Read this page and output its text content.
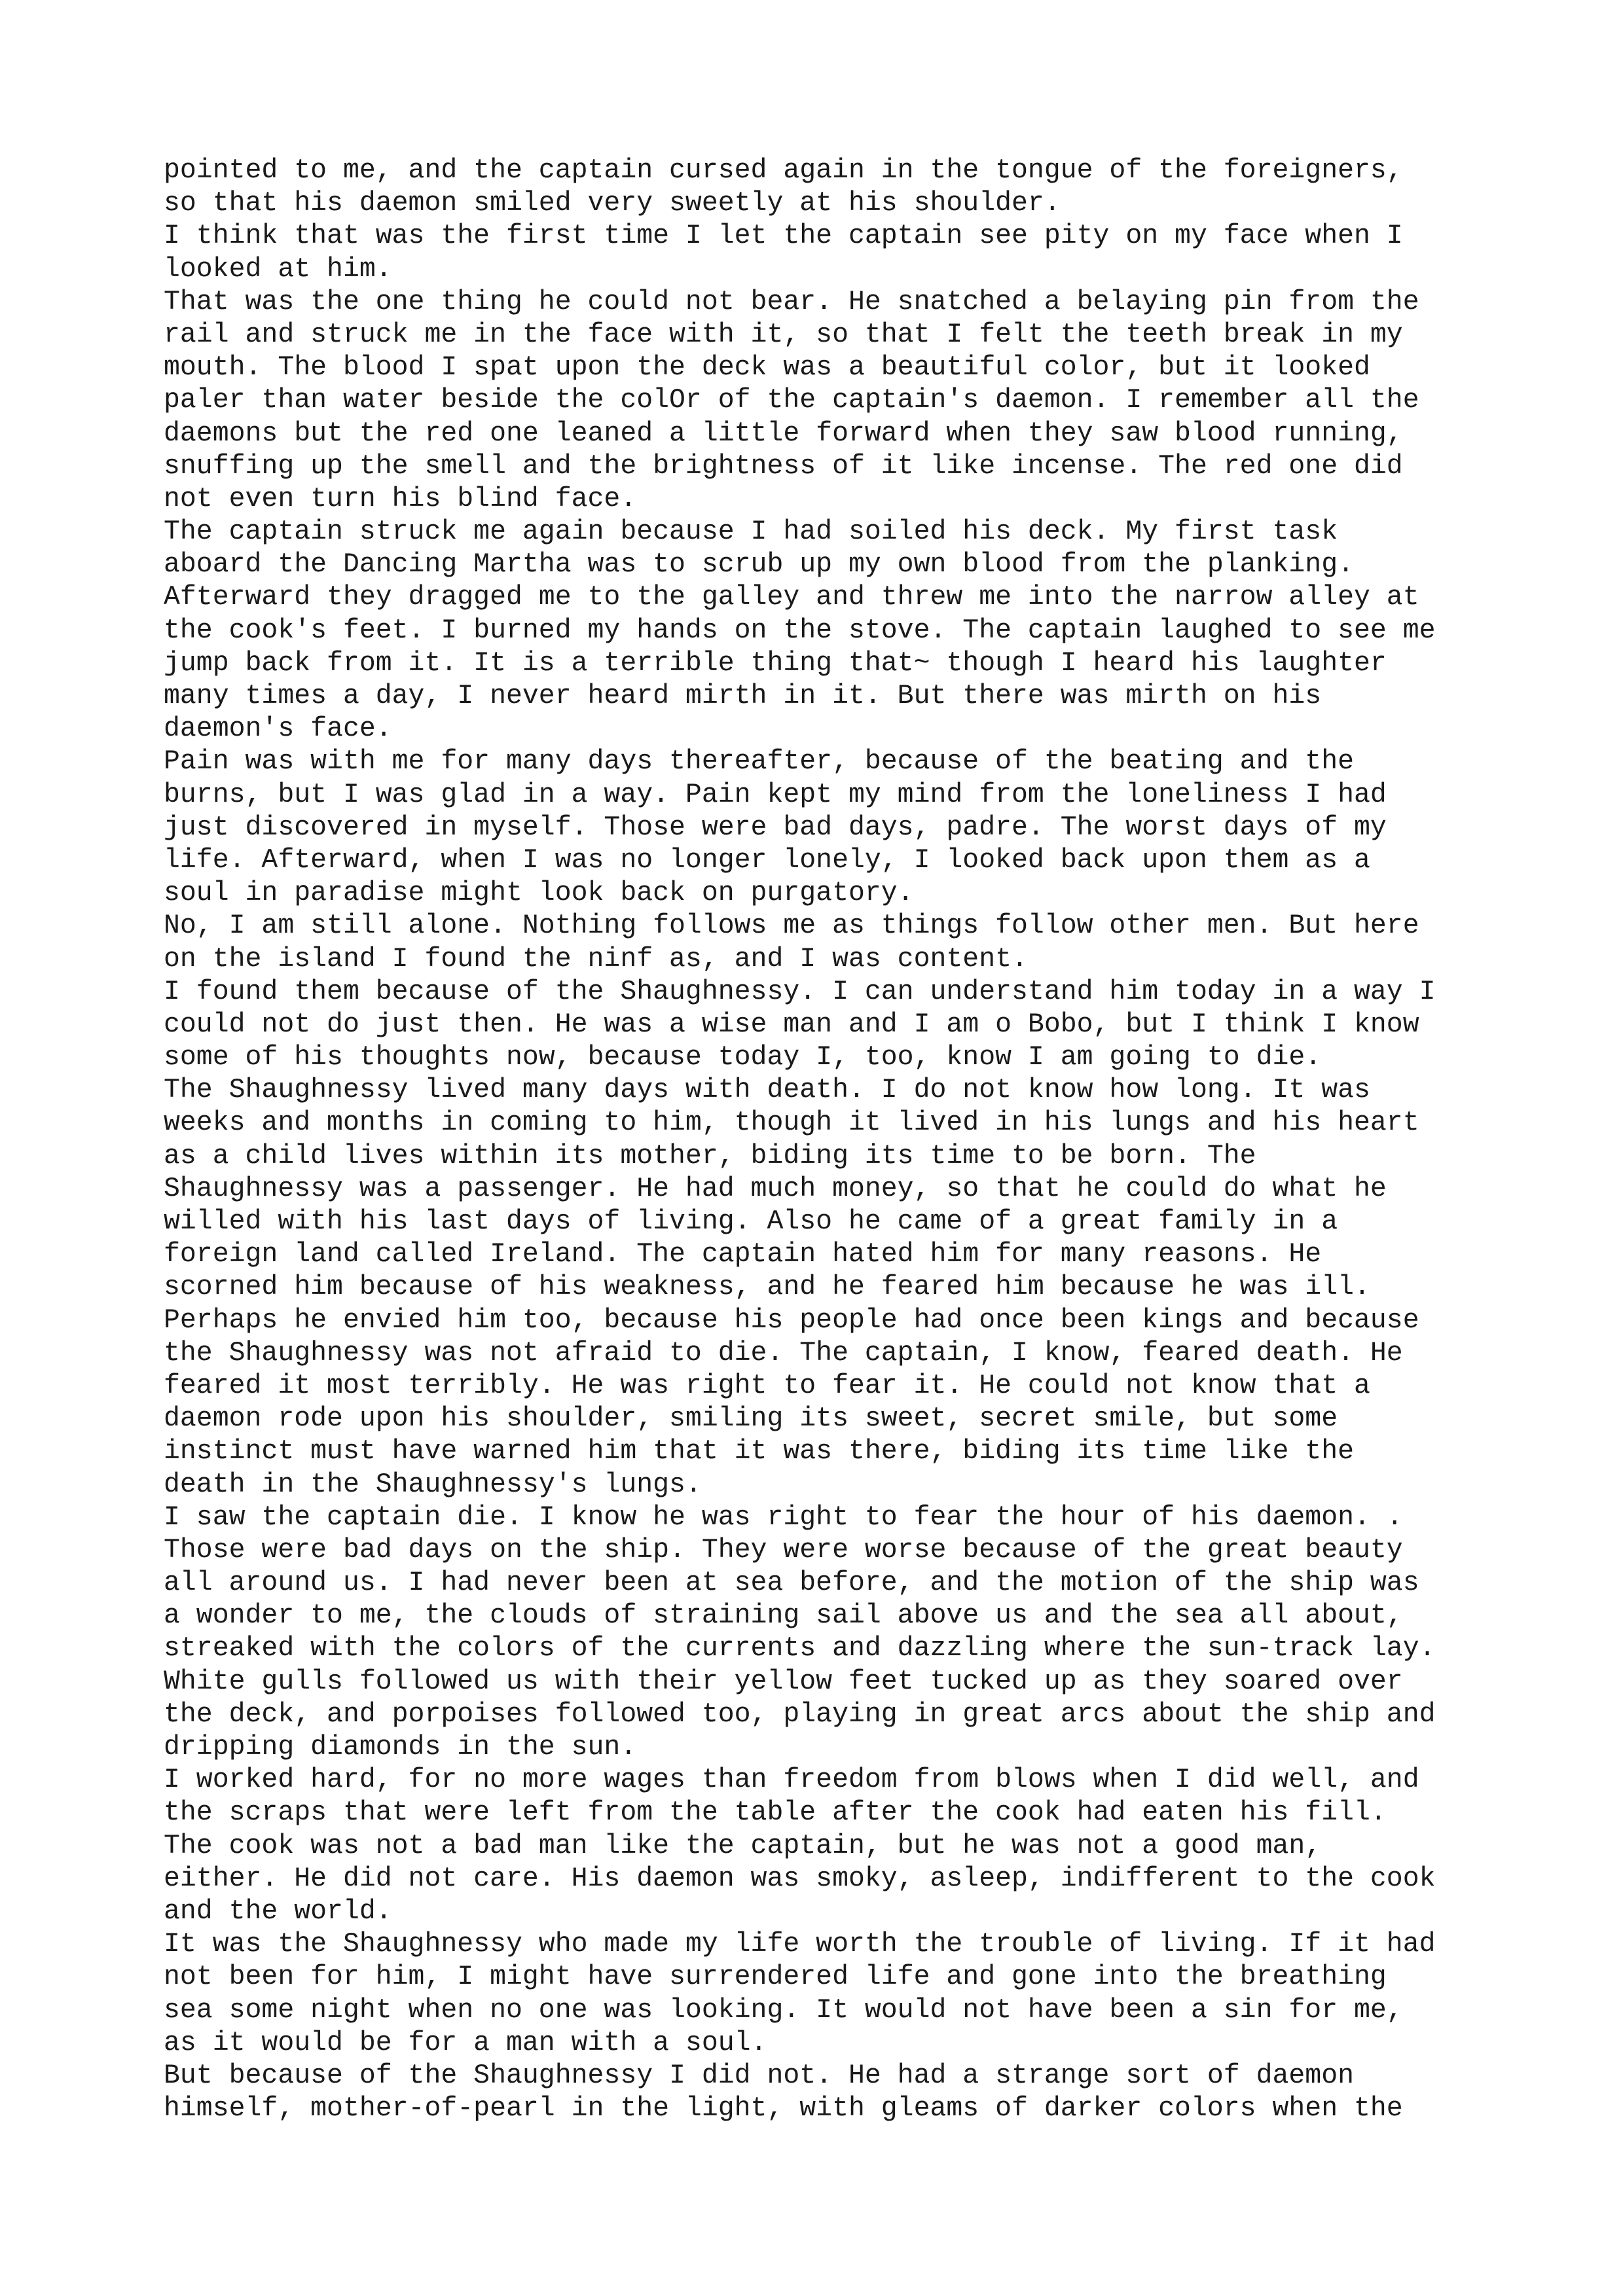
pointed to me, and the captain cursed again in the tongue of the foreigners,

so that his daemon smiled very sweetly at his shoulder.

I think that was the first time I let the captain see pity on my face when I

looked at him.

That was the one thing he could not bear. He snatched a belaying pin from the

rail and struck me in the face with it, so that I felt the teeth break in my

mouth. The blood I spat upon the deck was a beautiful color, but it looked

paler than water beside the colOr of the captain's daemon. I remember all the

daemons but the red one leaned a little forward when they saw blood running,

snuffing up the smell and the brightness of it like incense. The red one did

not even turn his blind face.

The captain struck me again because I had soiled his deck. My first task

aboard the Dancing Martha was to scrub up my own blood from the planking.

Afterward they dragged me to the galley and threw me into the narrow alley at

the cook's feet. I burned my hands on the stove. The captain laughed to see me

jump back from it. It is a terrible thing that~ though I heard his laughter

many times a day, I never heard mirth in it. But there was mirth on his

daemon's face.

Pain was with me for many days thereafter, because of the beating and the

burns, but I was glad in a way. Pain kept my mind from the loneliness I had

just discovered in myself. Those were bad days, padre. The worst days of my

life. Afterward, when I was no longer lonely, I looked back upon them as a

soul in paradise might look back on purgatory.

No, I am still alone. Nothing follows me as things follow other men. But here

on the island I found the ninf as, and I was content.

I found them because of the Shaughnessy. I can understand him today in a way I

could not do just then. He was a wise man and I am o Bobo, but I think I know

some of his thoughts now, because today I, too, know I am going to die.

The Shaughnessy lived many days with death. I do not know how long. It was

weeks and months in coming to him, though it lived in his lungs and his heart

as a child lives within its mother, biding its time to be born. The

Shaughnessy was a passenger. He had much money, so that he could do what he

willed with his last days of living. Also he came of a great family in a

foreign land called Ireland. The captain hated him for many reasons. He

scorned him because of his weakness, and he feared him because he was ill.

Perhaps he envied him too, because his people had once been kings and because

the Shaughnessy was not afraid to die. The captain, I know, feared death. He

feared it most terribly. He was right to fear it. He could not know that a

daemon rode upon his shoulder, smiling its sweet, secret smile, but some

instinct must have warned him that it was there, biding its time like the

death in the Shaughnessy's lungs.

I saw the captain die. I know he was right to fear the hour of his daemon. .

Those were bad days on the ship. They were worse because of the great beauty

all around us. I had never been at sea before, and the motion of the ship was

a wonder to me, the clouds of straining sail above us and the sea all about,

streaked with the colors of the currents and dazzling where the sun-track lay.

White gulls followed us with their yellow feet tucked up as they soared over

the deck, and porpoises followed too, playing in great arcs about the ship and

dripping diamonds in the sun.

I worked hard, for no more wages than freedom from blows when I did well, and

the scraps that were left from the table after the cook had eaten his fill.

The cook was not a bad man like the captain, but he was not a good man,

either. He did not care. His daemon was smoky, asleep, indifferent to the cook

and the world.

It was the Shaughnessy who made my life worth the trouble of living. If it had

not been for him, I might have surrendered life and gone into the breathing

sea some night when no one was looking. It would not have been a sin for me,

as it would be for a man with a soul.

But because of the Shaughnessy I did not. He had a strange sort of daemon

himself, mother-of-pearl in the light, with gleams of darker colors when the
